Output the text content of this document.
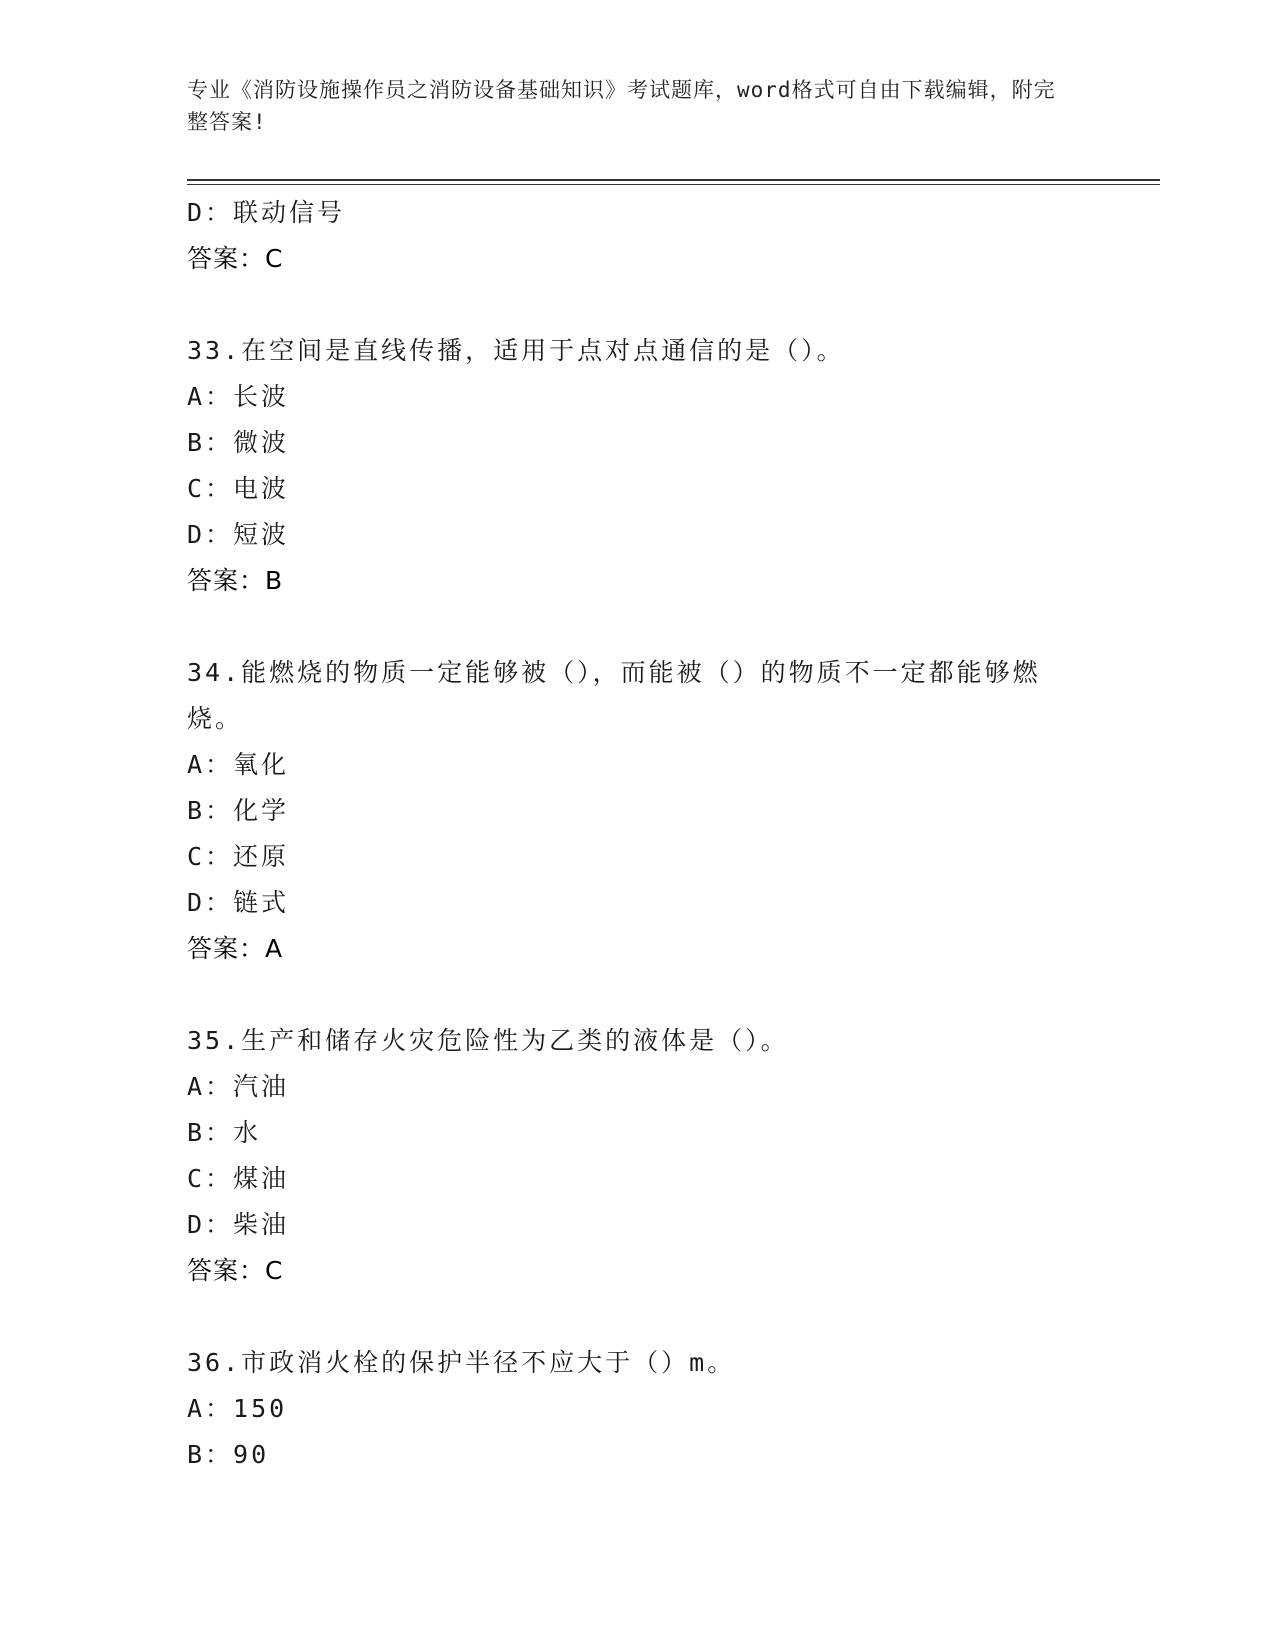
专业《消防设施操作员之消防设备基础知识》考试题库，word格式可自由下载编辑，附完整答案!
D：联动信号
答案：C
33.在空间是直线传播，适用于点对点通信的是（）。
A：长波
B：微波
C：电波
D：短波
答案：B
34.能燃烧的物质一定能够被（），而能被（）的物质不一定都能够燃
烧。
A：氧化
B：化学
C：还原
D：链式
答案：A
35.生产和储存火灾危险性为乙类的液体是（）。
A：汽油
B：水
C：煤油
D：柴油
答案：C
36.市政消火栓的保护半径不应大于（）m。
A：150
B：90
